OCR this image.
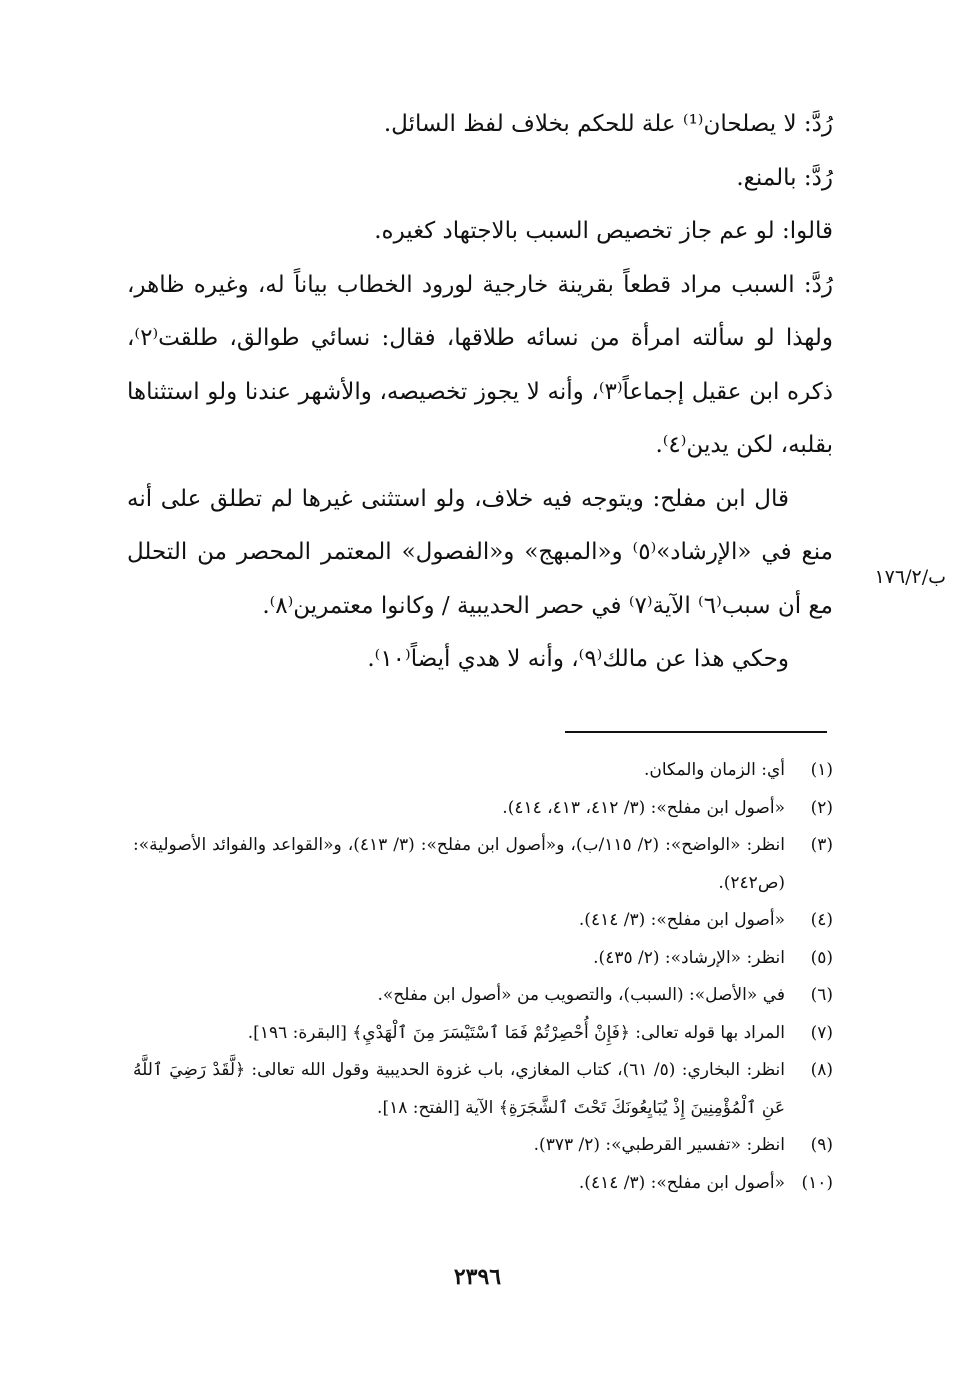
رُدَّ: لا يصلحان⁽¹⁾ علة للحكم بخلاف لفظ السائل.

رُدَّ: بالمنع.

قالوا: لو عم جاز تخصيص السبب بالاجتهاد كغيره.

رُدَّ: السبب مراد قطعاً بقرينة خارجية لورود الخطاب بياناً له، وغيره ظاهر، ولهذا لو سألته امرأة من نسائه طلاقها، فقال: نسائي طوالق، طلقت⁽٢⁾، ذكره ابن عقيل إجماعاً⁽٣⁾، وأنه لا يجوز تخصيصه، والأشهر عندنا ولو استثناها بقلبه، لكن يدين⁽٤⁾.

قال ابن مفلح: ويتوجه فيه خلاف، ولو استثنى غيرها لم تطلق على أنه منع في «الإرشاد»⁽٥⁾ و«المبهج» و«الفصول» المعتمر المحصر من التحلل مع أن سبب⁽٦⁾ الآية⁽٧⁾ في حصر الحديبية / وكانوا معتمرين⁽٨⁾.

وحكي هذا عن مالك⁽٩⁾، وأنه لا هدي أيضاً⁽١٠⁾.

ب/١٧٦/٢
(١)
أي: الزمان والمكان.
(٢)
«أصول ابن مفلح»: (٣/ ٤١٢، ٤١٣، ٤١٤).
(٣)
انظر: «الواضح»: (٢/ ١١٥/ب)، و«أصول ابن مفلح»: (٣/ ٤١٣)، و«القواعد والفوائد الأصولية»: (ص٢٤٢).
(٤)
«أصول ابن مفلح»: (٣/ ٤١٤).
(٥)
انظر: «الإرشاد»: (٢/ ٤٣٥).
(٦)
في «الأصل»: (السبب)، والتصويب من «أصول ابن مفلح».
(٧)
المراد بها قوله تعالى: ﴿فَإِنْ أُحْصِرْتُمْ فَمَا ٱسْتَيْسَرَ مِنَ ٱلْهَدْيِ﴾ [البقرة: ١٩٦].
(٨)
انظر: البخاري: (٥/ ٦١)، كتاب المغازي، باب غزوة الحديبية وقول الله تعالى: ﴿لَّقَدْ رَضِيَ ٱللَّهُ عَنِ ٱلْمُؤْمِنِينَ إِذْ يُبَايِعُونَكَ تَحْتَ ٱلشَّجَرَةِ﴾ الآية [الفتح: ١٨].
(٩)
انظر: «تفسير القرطبي»: (٢/ ٣٧٣).
(١٠)
«أصول ابن مفلح»: (٣/ ٤١٤).
٢٣٩٦
